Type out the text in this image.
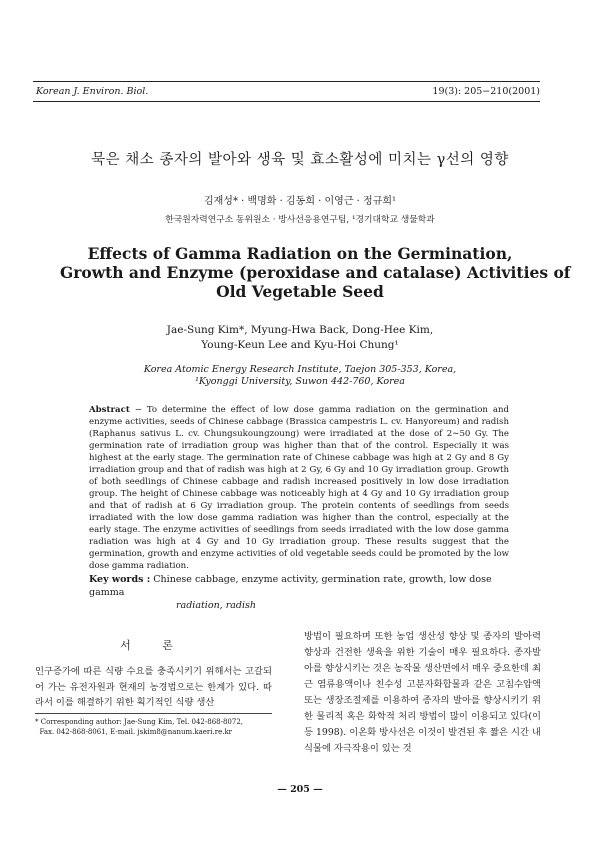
Korean J. Environ. Biol.	19(3): 205−210(2001)
묵은 채소 종자의 발아와 생육 및 효소활성에 미치는 γ선의 영향
김재성* · 백명화 · 김동희 · 이영근 · 정규희¹
한국원자력연구소 동위원소 · 방사선응용연구팀, ¹경기대학교 생물학과
Effects of Gamma Radiation on the Germination,
Growth and Enzyme (peroxidase and catalase) Activities of
Old Vegetable Seed
Jae-Sung Kim*, Myung-Hwa Back, Dong-Hee Kim,
Young-Keun Lee and Kyu-Hoi Chung¹
Korea Atomic Energy Research Institute, Taejon 305-353, Korea,
¹Kyonggi University, Suwon 442-760, Korea
Abstract − To determine the effect of low dose gamma radiation on the germination and enzyme activities, seeds of Chinese cabbage (Brassica campestris L. cv. Hanyoreum) and radish (Raphanus sativus L. cv. Chungsukoungzoung) were irradiated at the dose of 2∼50 Gy. The germination rate of irradiation group was higher than that of the control. Especially it was highest at the early stage. The germination rate of Chinese cabbage was high at 2 Gy and 8 Gy irradiation group and that of radish was high at 2 Gy, 6 Gy and 10 Gy irradiation group. Growth of both seedlings of Chinese cabbage and radish increased positively in low dose irradiation group. The height of Chinese cabbage was noticeably high at 4 Gy and 10 Gy irradiation group and that of radish at 6 Gy irradiation group. The protein contents of seedlings from seeds irradiated with the low dose gamma radiation was higher than the control, especially at the early stage. The enzyme activities of seedlings from seeds irradiated with the low dose gamma radiation was high at 4 Gy and 10 Gy irradiation group. These results suggest that the germination, growth and enzyme activities of old vegetable seeds could be promoted by the low dose gamma radiation.
Key words : Chinese cabbage, enzyme activity, germination rate, growth, low dose gamma
radiation, radish
서 론
인구증가에 따른 식량 수요를 충족시키기 위해서는 고갈되어 가는 유전자원과 현재의 농경법으로는 한계가 있다. 따라서 이를 해결하기 위한 획기적인 식량 생산
방법이 필요하며 또한 농업 생산성 향상 및 종자의 발아력 향상과 건전한 생육을 위한 기술이 매우 필요하다. 종자발아를 향상시키는 것은 농작물 생산면에서 매우 중요한데 최근 염류용액이나 친수성 고분자화합물과 같은 고침수압액 또는 생장조절제를 이용하여 종자의 발아를 향상시키기 위한 물리적 혹은 화학적 처리 방법이 많이 이용되고 있다(이 등 1998). 이온화 방사선은 이것이 발견된 후 짧은 시간 내 식물에 자극작용이 있는 것
* Corresponding author: Jae-Sung Kim, Tel. 042-868-8072,
Fax. 042-868-8061, E-mail. jskim8@nanum.kaeri.re.kr
— 205 —
